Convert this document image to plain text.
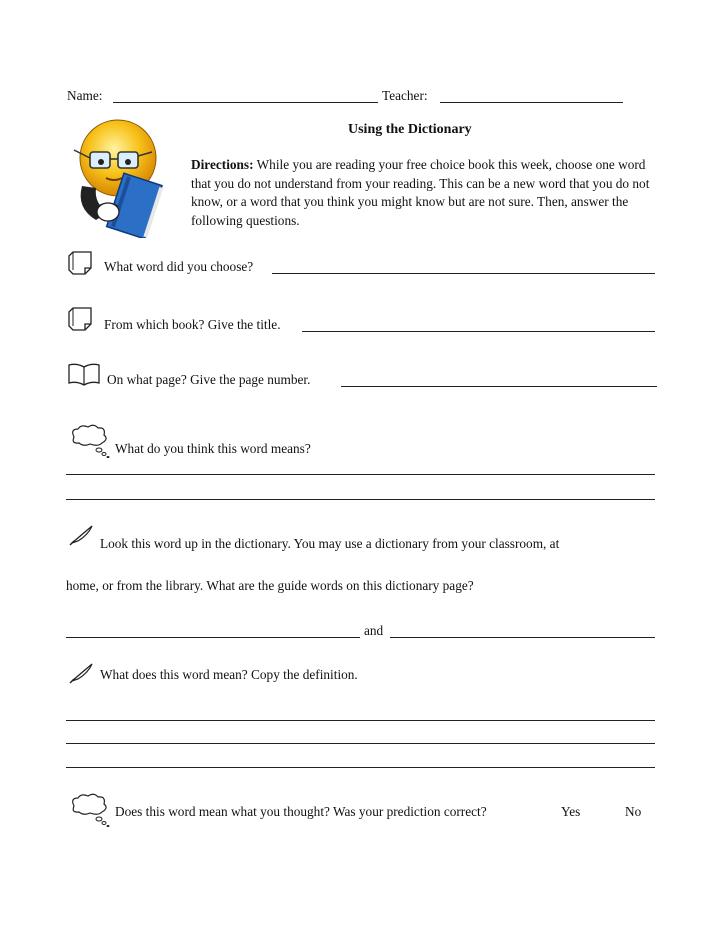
Name:	Teacher:
Using the Dictionary
Directions: While you are reading your free choice book this week, choose one word that you do not understand from your reading. This can be a new word that you do not know, or a word that you think you might know but are not sure. Then, answer the following questions.
What word did you choose?
From which book? Give the title.
On what page? Give the page number.
What do you think this word means?
Look this word up in the dictionary. You may use a dictionary from your classroom, at
home, or from the library. What are the guide words on this dictionary page?
and
What does this word mean? Copy the definition.
Does this word mean what you thought? Was your prediction correct?	Yes	No
